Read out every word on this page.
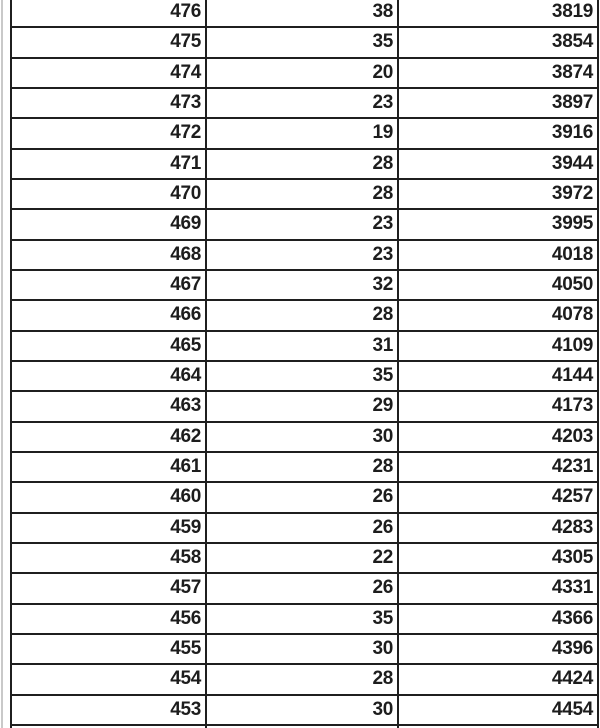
476	38	3819
475	35	3854
474	20	3874
473	23	3897
472	19	3916
471	28	3944
470	28	3972
469	23	3995
468	23	4018
467	32	4050
466	28	4078
465	31	4109
464	35	4144
463	29	4173
462	30	4203
461	28	4231
460	26	4257
459	26	4283
458	22	4305
457	26	4331
456	35	4366
455	30	4396
454	28	4424
453	30	4454
